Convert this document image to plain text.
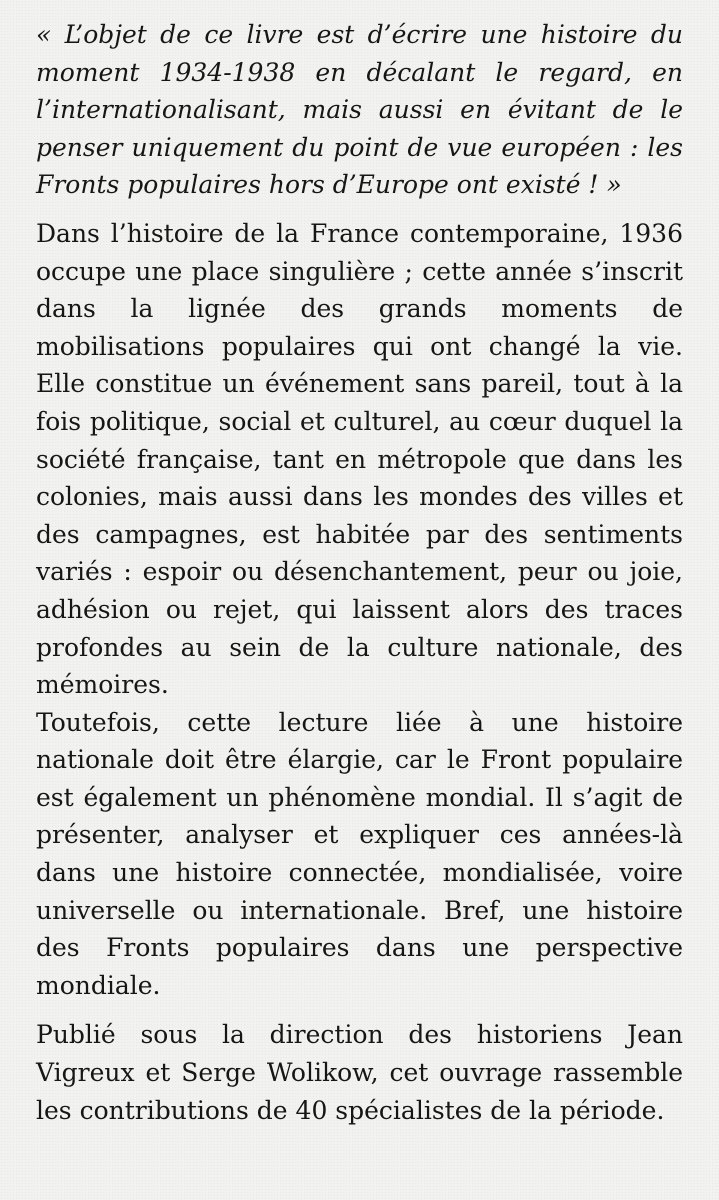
« L’objet de ce livre est d’écrire une histoire du moment 1934-1938 en décalant le regard, en l’internationalisant, mais aussi en évitant de le penser uniquement du point de vue européen : les Fronts populaires hors d’Europe ont existé ! »

Dans l’histoire de la France contemporaine, 1936 occupe une place singulière ; cette année s’inscrit dans la lignée des grands moments de mobilisations populaires qui ont changé la vie. Elle constitue un événement sans pareil, tout à la fois politique, social et culturel, au cœur duquel la société française, tant en métropole que dans les colonies, mais aussi dans les mondes des villes et des campagnes, est habitée par des sentiments variés : espoir ou désenchantement, peur ou joie, adhésion ou rejet, qui laissent alors des traces profondes au sein de la culture nationale, des mémoires.

Toutefois, cette lecture liée à une histoire nationale doit être élargie, car le Front populaire est également un phénomène mondial. Il s’agit de présenter, analyser et expliquer ces années-là dans une histoire connectée, mondialisée, voire universelle ou internationale. Bref, une histoire des Fronts populaires dans une perspective mondiale.

Publié sous la direction des historiens Jean Vigreux et Serge Wolikow, cet ouvrage rassemble les contributions de 40 spécialistes de la période.
